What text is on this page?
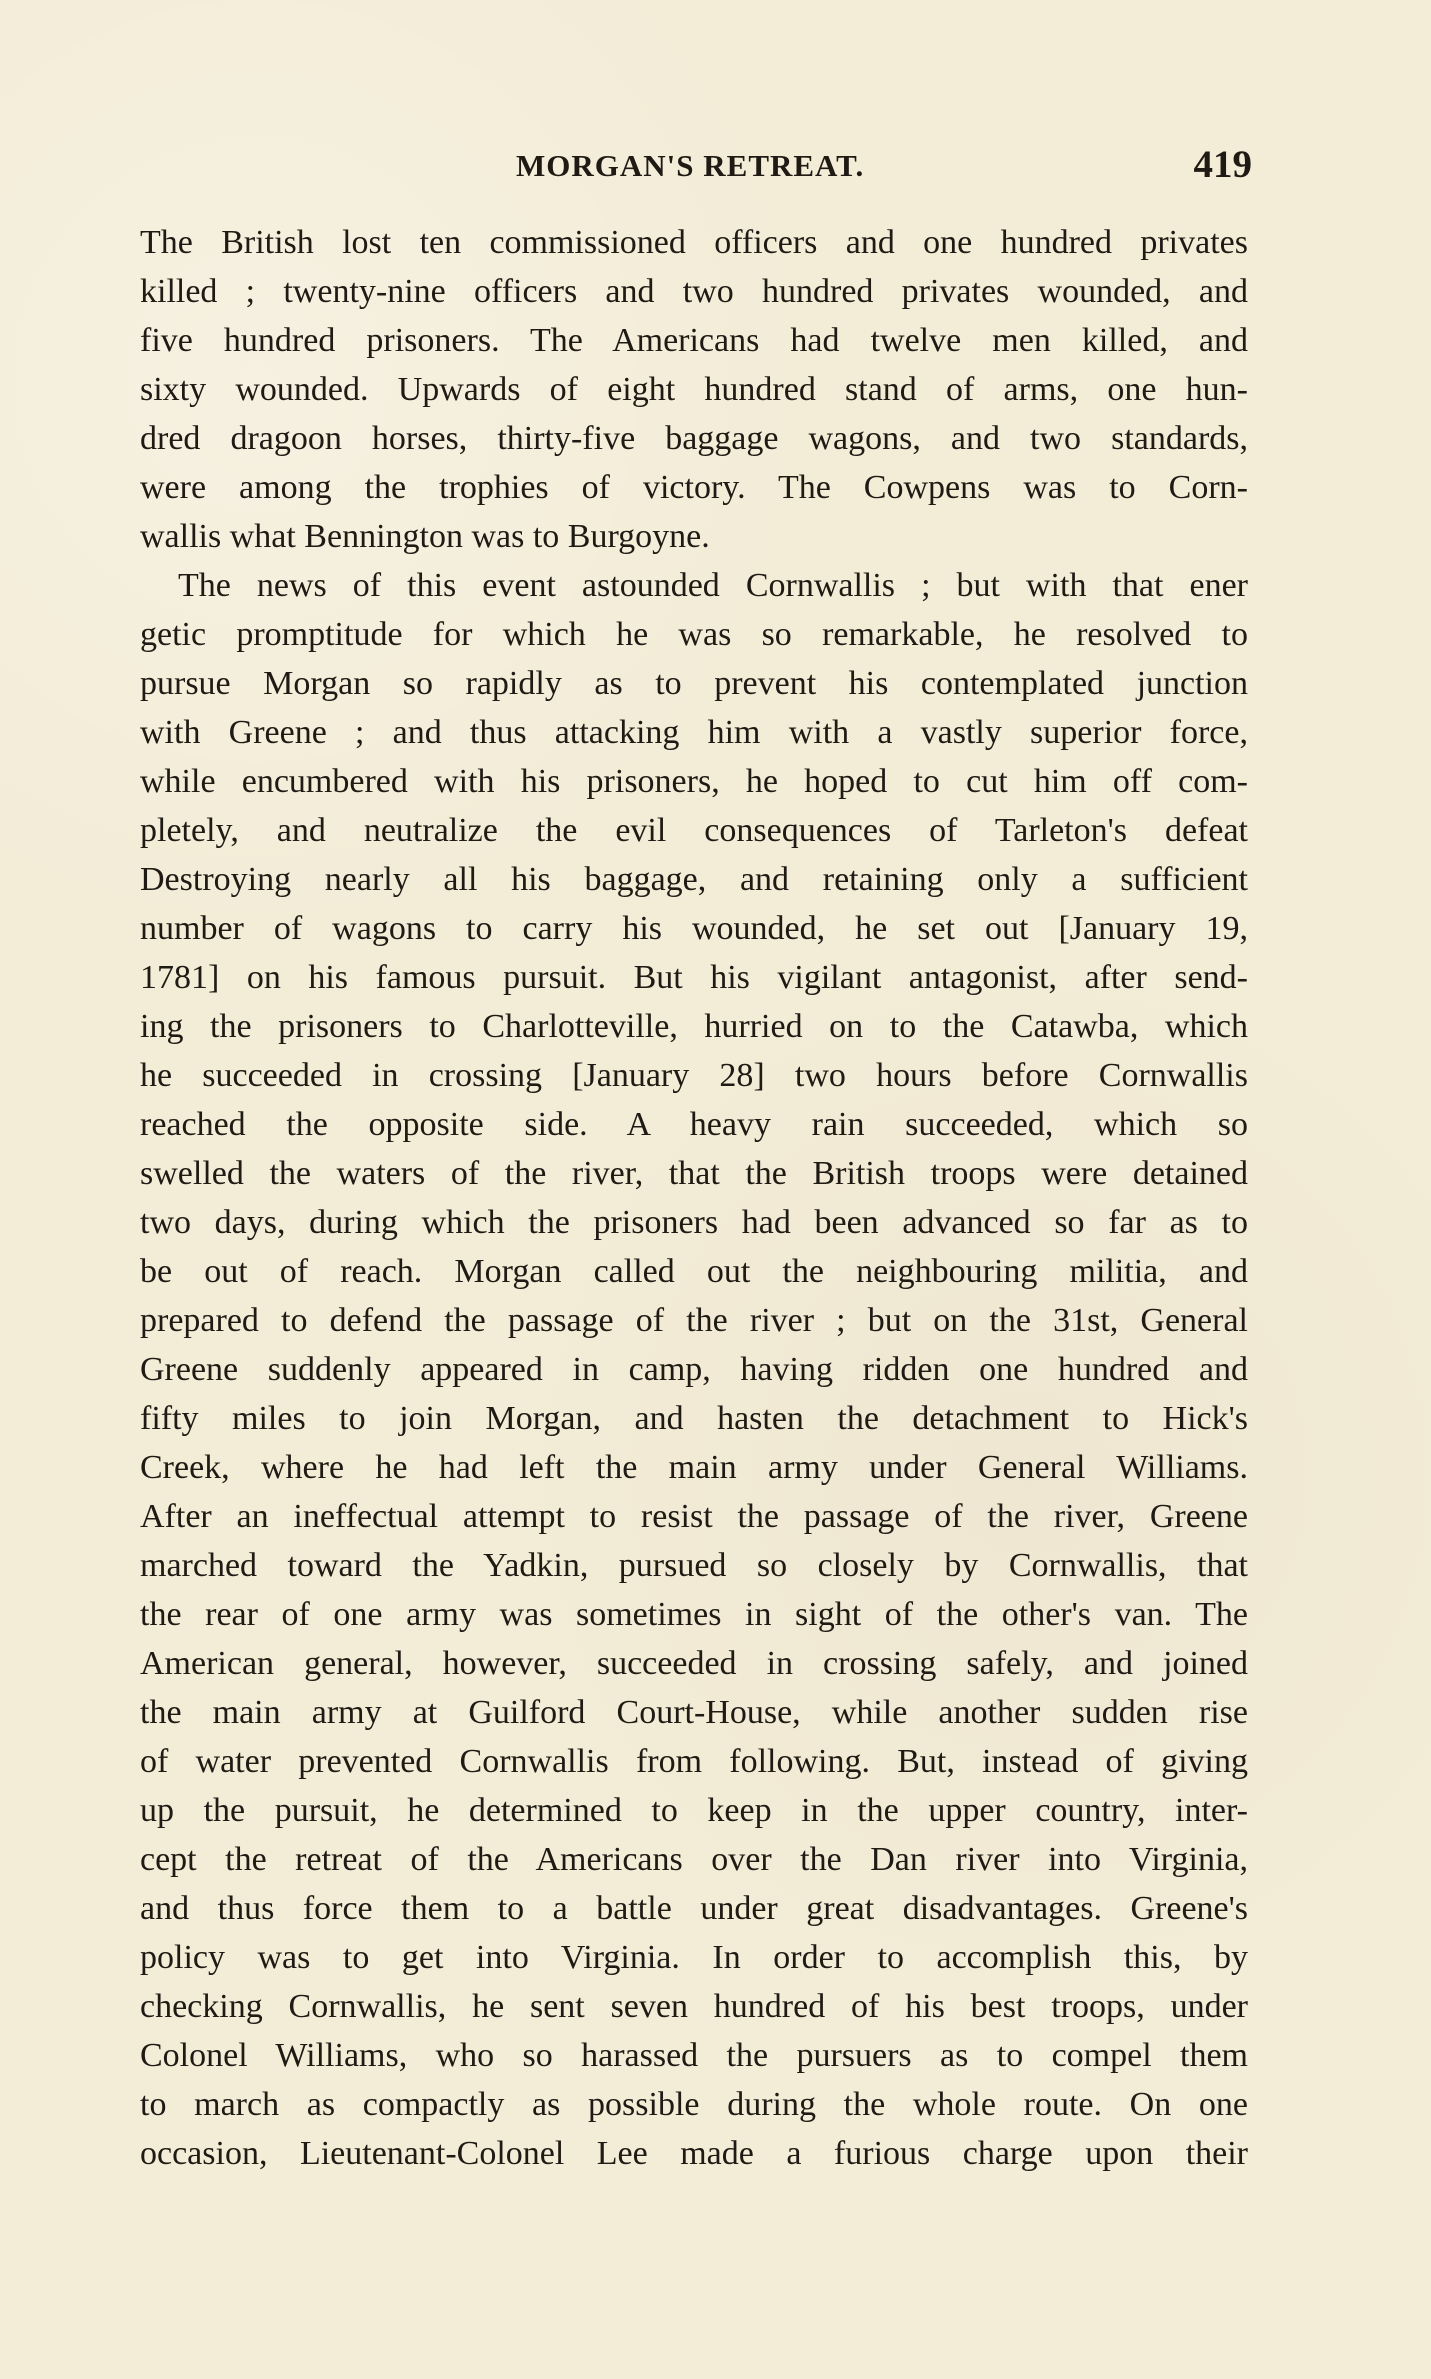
MORGAN'S RETREAT.	419
The British lost ten commissioned officers and one hundred privates
killed ; twenty-nine officers and two hundred privates wounded, and
five hundred prisoners. The Americans had twelve men killed, and
sixty wounded. Upwards of eight hundred stand of arms, one hun-
dred dragoon horses, thirty-five baggage wagons, and two standards,
were among the trophies of victory. The Cowpens was to Corn-
wallis what Bennington was to Burgoyne.
The news of this event astounded Cornwallis ; but with that ener
getic promptitude for which he was so remarkable, he resolved to
pursue Morgan so rapidly as to prevent his contemplated junction
with Greene ; and thus attacking him with a vastly superior force,
while encumbered with his prisoners, he hoped to cut him off com-
pletely, and neutralize the evil consequences of Tarleton's defeat
Destroying nearly all his baggage, and retaining only a sufficient
number of wagons to carry his wounded, he set out [January 19,
1781] on his famous pursuit. But his vigilant antagonist, after send-
ing the prisoners to Charlotteville, hurried on to the Catawba, which
he succeeded in crossing [January 28] two hours before Cornwallis
reached the opposite side. A heavy rain succeeded, which so
swelled the waters of the river, that the British troops were detained
two days, during which the prisoners had been advanced so far as to
be out of reach. Morgan called out the neighbouring militia, and
prepared to defend the passage of the river ; but on the 31st, General
Greene suddenly appeared in camp, having ridden one hundred and
fifty miles to join Morgan, and hasten the detachment to Hick's
Creek, where he had left the main army under General Williams.
After an ineffectual attempt to resist the passage of the river, Greene
marched toward the Yadkin, pursued so closely by Cornwallis, that
the rear of one army was sometimes in sight of the other's van. The
American general, however, succeeded in crossing safely, and joined
the main army at Guilford Court-House, while another sudden rise
of water prevented Cornwallis from following. But, instead of giving
up the pursuit, he determined to keep in the upper country, inter-
cept the retreat of the Americans over the Dan river into Virginia,
and thus force them to a battle under great disadvantages. Greene's
policy was to get into Virginia. In order to accomplish this, by
checking Cornwallis, he sent seven hundred of his best troops, under
Colonel Williams, who so harassed the pursuers as to compel them
to march as compactly as possible during the whole route. On one
occasion, Lieutenant-Colonel Lee made a furious charge upon their
